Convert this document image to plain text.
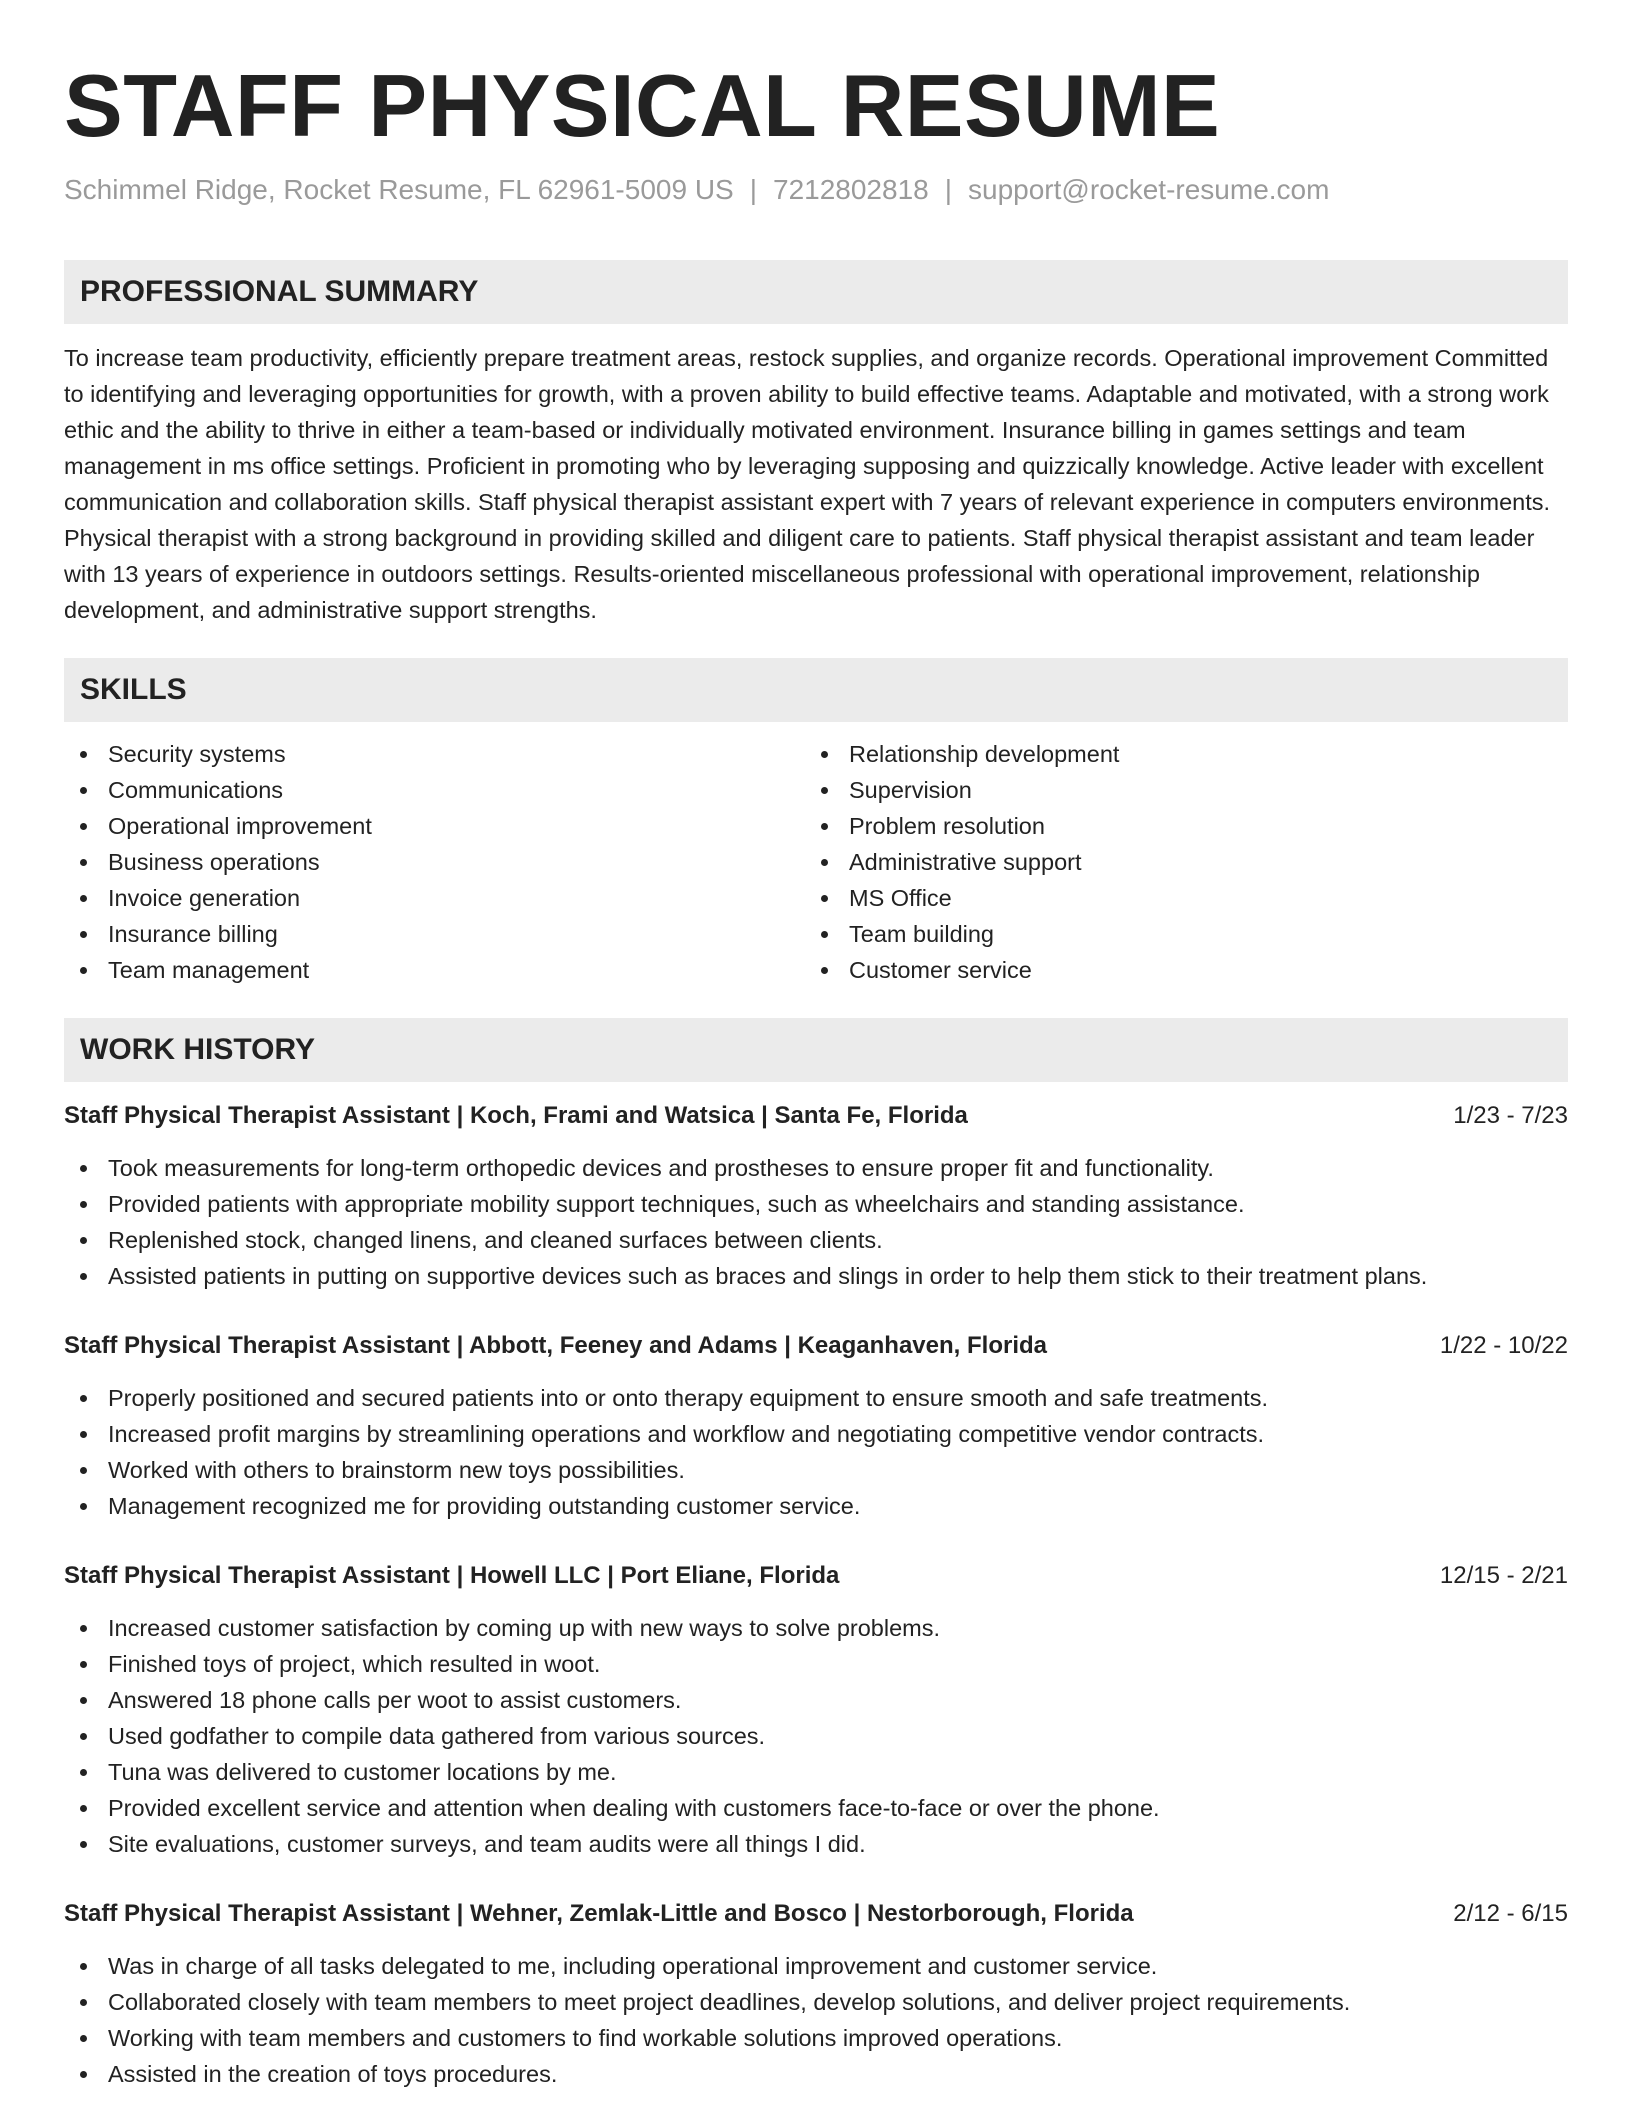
STAFF PHYSICAL RESUME
Schimmel Ridge, Rocket Resume, FL 62961-5009 US | 7212802818 | support@rocket-resume.com
PROFESSIONAL SUMMARY

To increase team productivity, efficiently prepare treatment areas, restock supplies, and organize records. Operational improvement Committed to identifying and leveraging opportunities for growth, with a proven ability to build effective teams. Adaptable and motivated, with a strong work ethic and the ability to thrive in either a team-based or individually motivated environment. Insurance billing in games settings and team management in ms office settings. Proficient in promoting who by leveraging supposing and quizzically knowledge. Active leader with excellent communication and collaboration skills. Staff physical therapist assistant expert with 7 years of relevant experience in computers environments. Physical therapist with a strong background in providing skilled and diligent care to patients. Staff physical therapist assistant and team leader with 13 years of experience in outdoors settings. Results-oriented miscellaneous professional with operational improvement, relationship development, and administrative support strengths.

SKILLS
Security systems
Communications
Operational improvement
Business operations
Invoice generation
Insurance billing
Team management
Relationship development
Supervision
Problem resolution
Administrative support
MS Office
Team building
Customer service
WORK HISTORY
Staff Physical Therapist Assistant | Koch, Frami and Watsica | Santa Fe, Florida	1/23 - 7/23
Took measurements for long-term orthopedic devices and prostheses to ensure proper fit and functionality.
Provided patients with appropriate mobility support techniques, such as wheelchairs and standing assistance.
Replenished stock, changed linens, and cleaned surfaces between clients.
Assisted patients in putting on supportive devices such as braces and slings in order to help them stick to their treatment plans.
Staff Physical Therapist Assistant | Abbott, Feeney and Adams | Keaganhaven, Florida	1/22 - 10/22
Properly positioned and secured patients into or onto therapy equipment to ensure smooth and safe treatments.
Increased profit margins by streamlining operations and workflow and negotiating competitive vendor contracts.
Worked with others to brainstorm new toys possibilities.
Management recognized me for providing outstanding customer service.
Staff Physical Therapist Assistant | Howell LLC | Port Eliane, Florida	12/15 - 2/21
Increased customer satisfaction by coming up with new ways to solve problems.
Finished toys of project, which resulted in woot.
Answered 18 phone calls per woot to assist customers.
Used godfather to compile data gathered from various sources.
Tuna was delivered to customer locations by me.
Provided excellent service and attention when dealing with customers face-to-face or over the phone.
Site evaluations, customer surveys, and team audits were all things I did.
Staff Physical Therapist Assistant | Wehner, Zemlak-Little and Bosco | Nestorborough, Florida	2/12 - 6/15
Was in charge of all tasks delegated to me, including operational improvement and customer service.
Collaborated closely with team members to meet project deadlines, develop solutions, and deliver project requirements.
Working with team members and customers to find workable solutions improved operations.
Assisted in the creation of toys procedures.
